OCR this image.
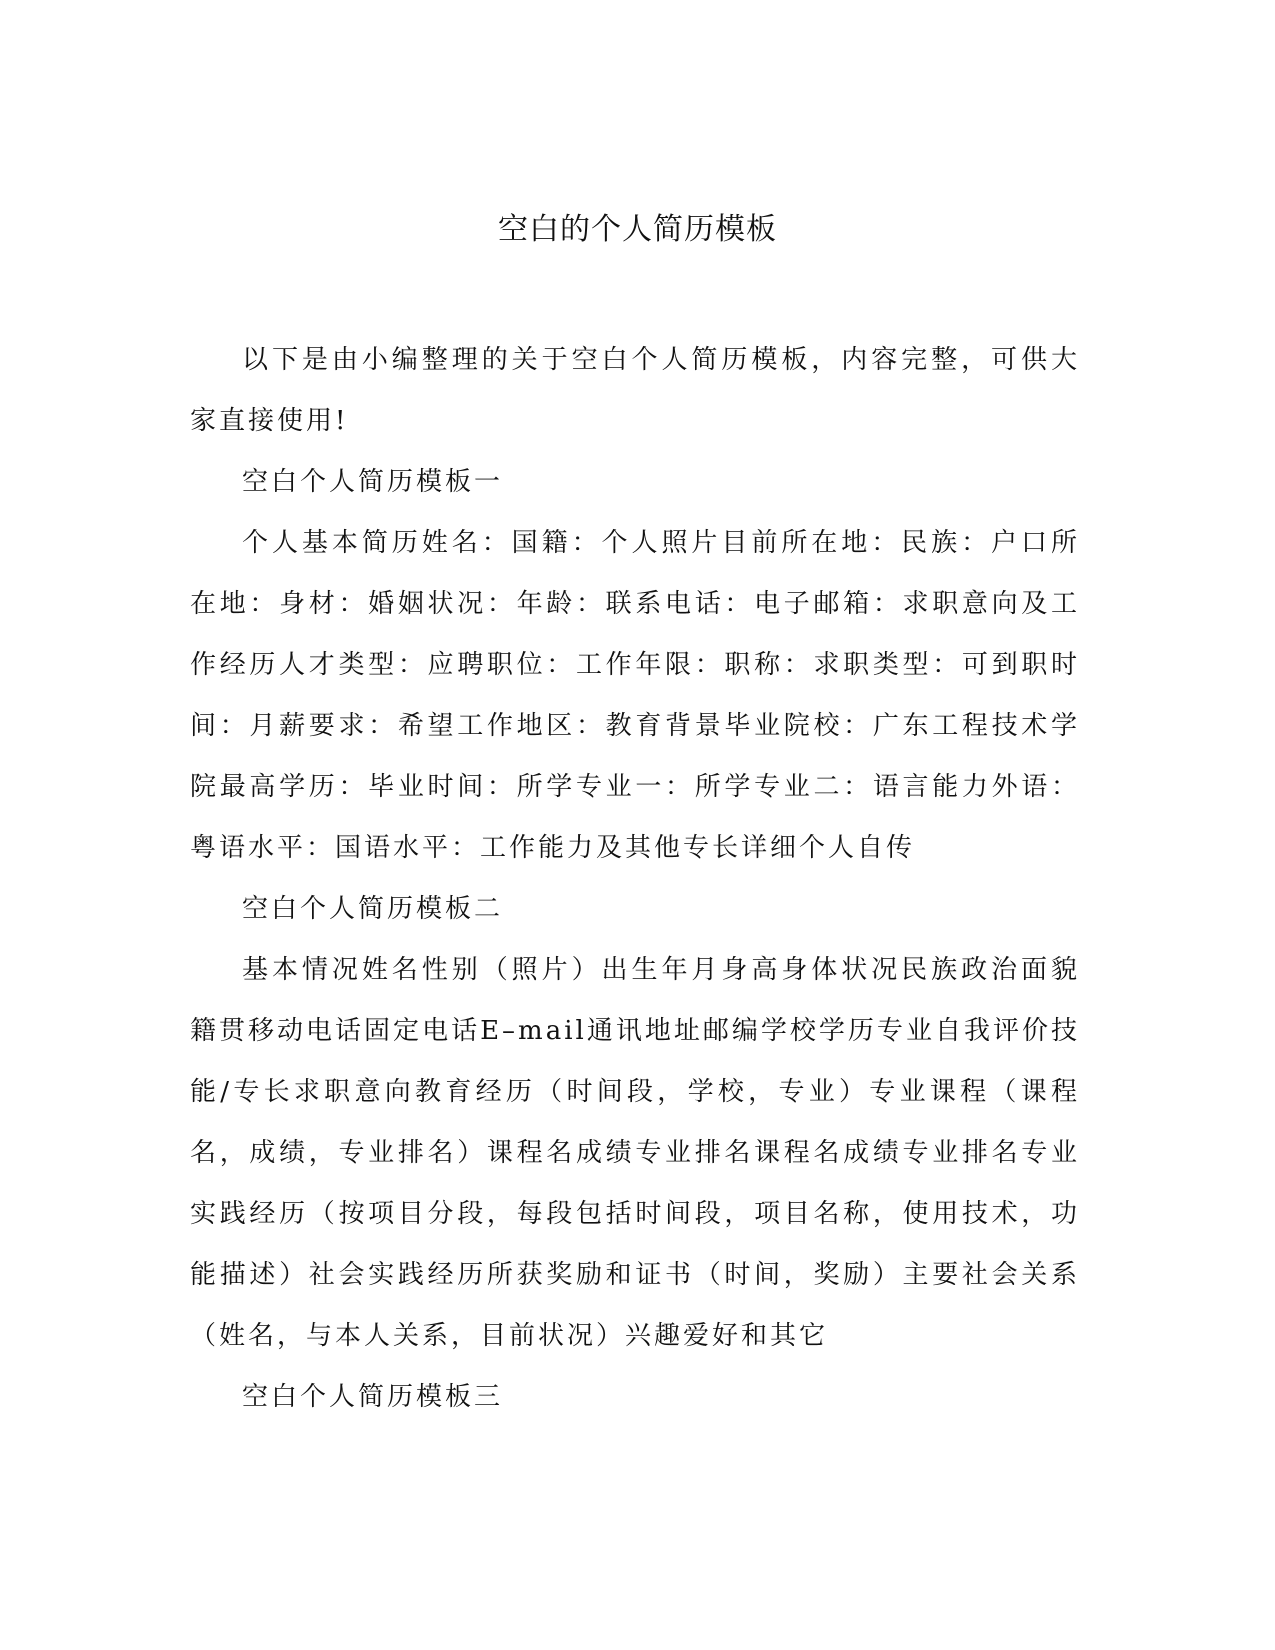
空白的个人简历模板

以下是由小编整理的关于空白个人简历模板，内容完整，可供大家直接使用!

空白个人简历模板一

个人基本简历姓名：国籍：个人照片目前所在地：民族：户口所在地：身材：婚姻状况：年龄：联系电话：电子邮箱：求职意向及工作经历人才类型：应聘职位：工作年限：职称：求职类型：可到职时间：月薪要求：希望工作地区：教育背景毕业院校：广东工程技术学院最高学历：毕业时间：所学专业一：所学专业二：语言能力外语：粤语水平：国语水平：工作能力及其他专长详细个人自传

空白个人简历模板二

基本情况姓名性别（照片）出生年月身高身体状况民族政治面貌籍贯移动电话固定电话E–mail通讯地址邮编学校学历专业自我评价技能/专长求职意向教育经历（时间段，学校，专业）专业课程（课程名，成绩，专业排名）课程名成绩专业排名课程名成绩专业排名专业实践经历（按项目分段，每段包括时间段，项目名称，使用技术，功能描述）社会实践经历所获奖励和证书（时间，奖励）主要社会关系（姓名，与本人关系，目前状况）兴趣爱好和其它

空白个人简历模板三
